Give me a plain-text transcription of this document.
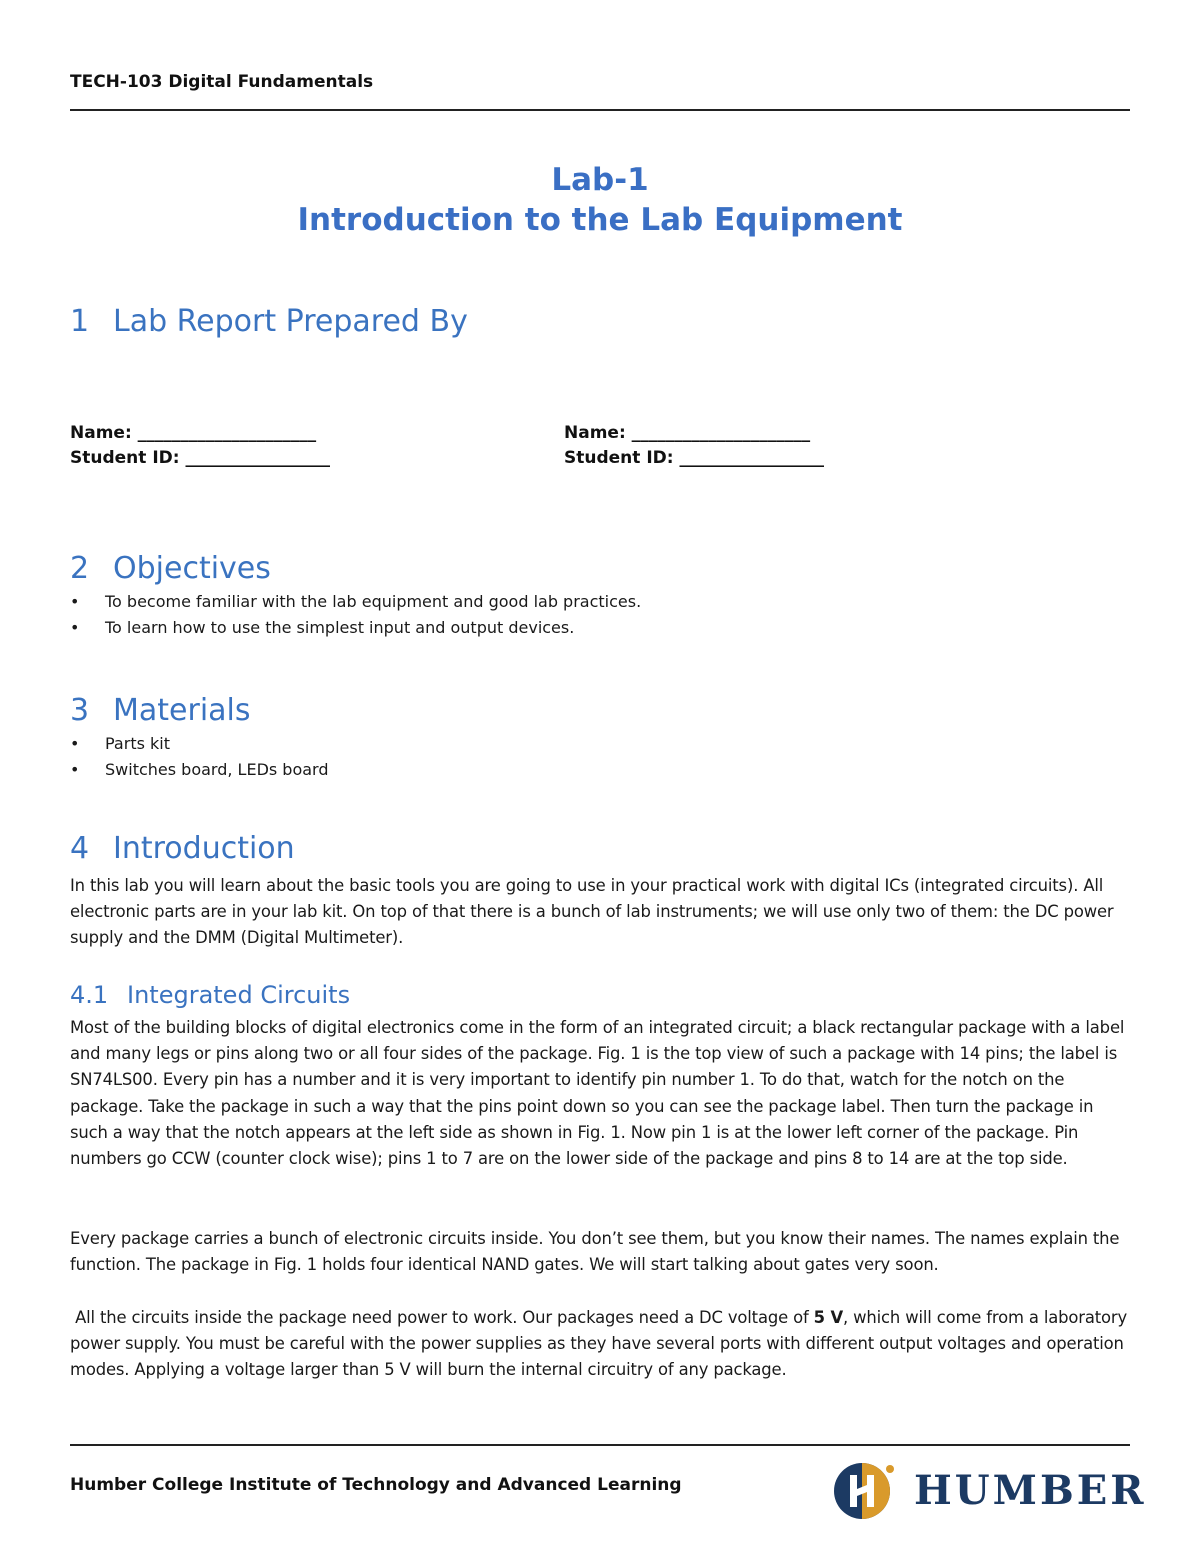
TECH-103 Digital Fundamentals
Lab-1
Introduction to the Lab Equipment
1 Lab Report Prepared By
Name: _____________________
Student ID: _________________
Name: _____________________
Student ID: _________________
2 Objectives
• To become familiar with the lab equipment and good lab practices.
• To learn how to use the simplest input and output devices.
3 Materials
• Parts kit
• Switches board, LEDs board
4 Introduction

In this lab you will learn about the basic tools you are going to use in your practical work with digital ICs (integrated circuits). All electronic parts are in your lab kit. On top of that there is a bunch of lab instruments; we will use only two of them: the DC power supply and the DMM (Digital Multimeter).

4.1 Integrated Circuits

Most of the building blocks of digital electronics come in the form of an integrated circuit; a black rectangular package with a label and many legs or pins along two or all four sides of the package. Fig. 1 is the top view of such a package with 14 pins; the label is SN74LS00. Every pin has a number and it is very important to identify pin number 1. To do that, watch for the notch on the package. Take the package in such a way that the pins point down so you can see the package label. Then turn the package in such a way that the notch appears at the left side as shown in Fig. 1. Now pin 1 is at the lower left corner of the package. Pin numbers go CCW (counter clock wise); pins 1 to 7 are on the lower side of the package and pins 8 to 14 are at the top side.

Every package carries a bunch of electronic circuits inside. You don’t see them, but you know their names. The names explain the function. The package in Fig. 1 holds four identical NAND gates. We will start talking about gates very soon.

All the circuits inside the package need power to work. Our packages need a DC voltage of 5 V, which will come from a laboratory power supply. You must be careful with the power supplies as they have several ports with different output voltages and operation modes. Applying a voltage larger than 5 V will burn the internal circuitry of any package.

Humber College Institute of Technology and Advanced Learning	HUMBER
